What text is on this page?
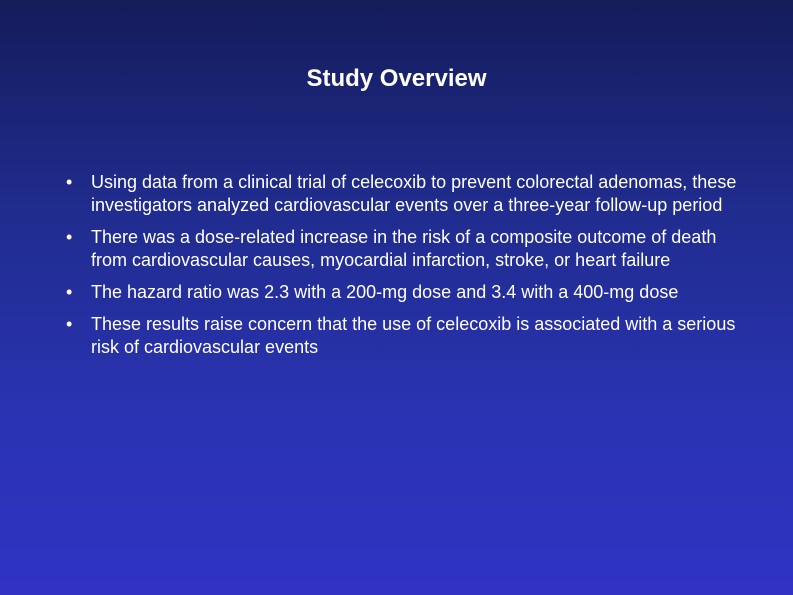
Study Overview
•	Using data from a clinical trial of celecoxib to prevent colorectal adenomas, these investigators analyzed cardiovascular events over a three-year follow-up period
•	There was a dose-related increase in the risk of a composite outcome of death from cardiovascular causes, myocardial infarction, stroke, or heart failure
•	The hazard ratio was 2.3 with a 200-mg dose and 3.4 with a 400-mg dose
•	These results raise concern that the use of celecoxib is associated with a serious risk of cardiovascular events
